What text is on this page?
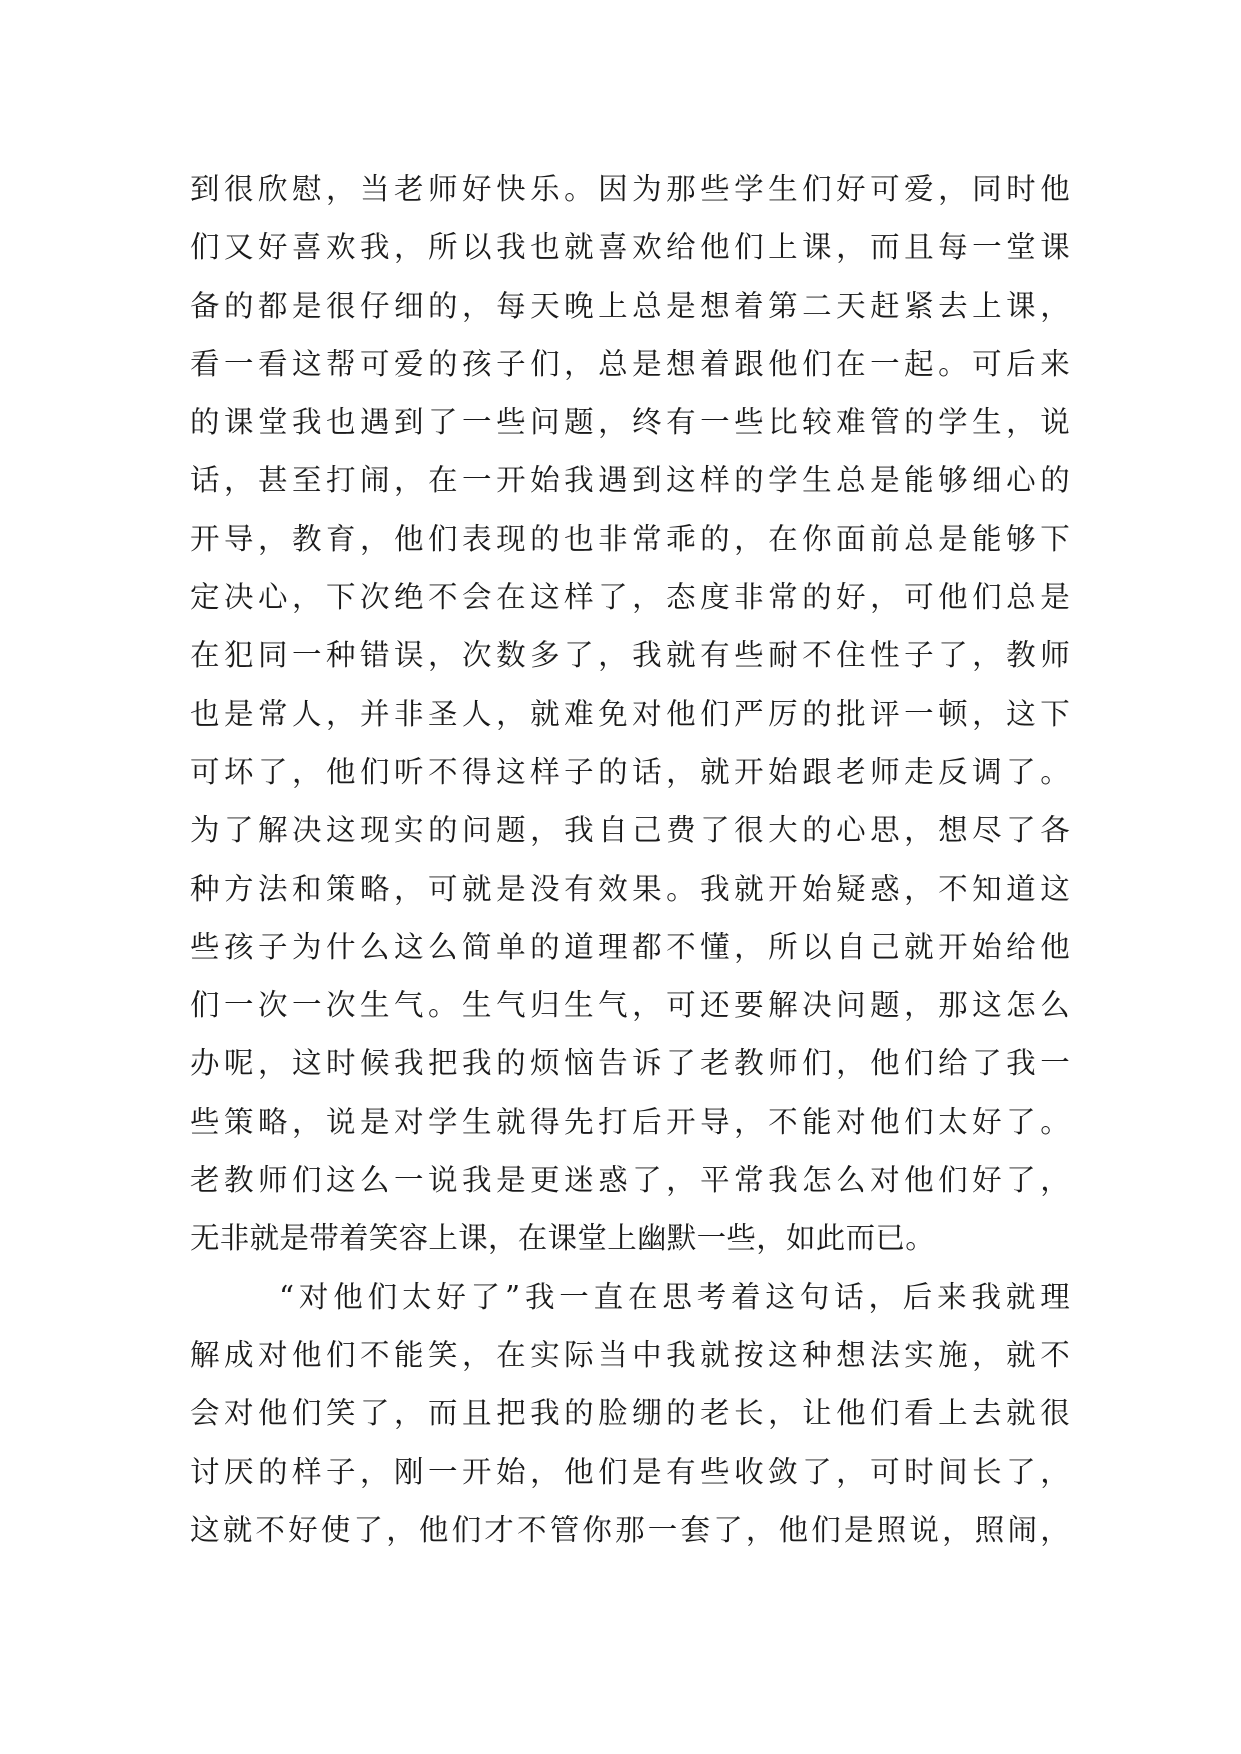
到很欣慰，当老师好快乐。因为那些学生们好可爱，同时他
们又好喜欢我，所以我也就喜欢给他们上课，而且每一堂课
备的都是很仔细的，每天晚上总是想着第二天赶紧去上课，
看一看这帮可爱的孩子们，总是想着跟他们在一起。可后来
的课堂我也遇到了一些问题，终有一些比较难管的学生，说
话，甚至打闹，在一开始我遇到这样的学生总是能够细心的
开导，教育，他们表现的也非常乖的，在你面前总是能够下
定决心，下次绝不会在这样了，态度非常的好，可他们总是
在犯同一种错误，次数多了，我就有些耐不住性子了，教师
也是常人，并非圣人，就难免对他们严厉的批评一顿，这下
可坏了，他们听不得这样子的话，就开始跟老师走反调了。
为了解决这现实的问题，我自己费了很大的心思，想尽了各
种方法和策略，可就是没有效果。我就开始疑惑，不知道这
些孩子为什么这么简单的道理都不懂，所以自己就开始给他
们一次一次生气。生气归生气，可还要解决问题，那这怎么
办呢，这时候我把我的烦恼告诉了老教师们，他们给了我一
些策略，说是对学生就得先打后开导，不能对他们太好了。
老教师们这么一说我是更迷惑了，平常我怎么对他们好了，
无非就是带着笑容上课，在课堂上幽默一些，如此而已。
“对他们太好了”我一直在思考着这句话，后来我就理
解成对他们不能笑，在实际当中我就按这种想法实施，就不
会对他们笑了，而且把我的脸绷的老长，让他们看上去就很
讨厌的样子，刚一开始，他们是有些收敛了，可时间长了，
这就不好使了，他们才不管你那一套了，他们是照说，照闹，
